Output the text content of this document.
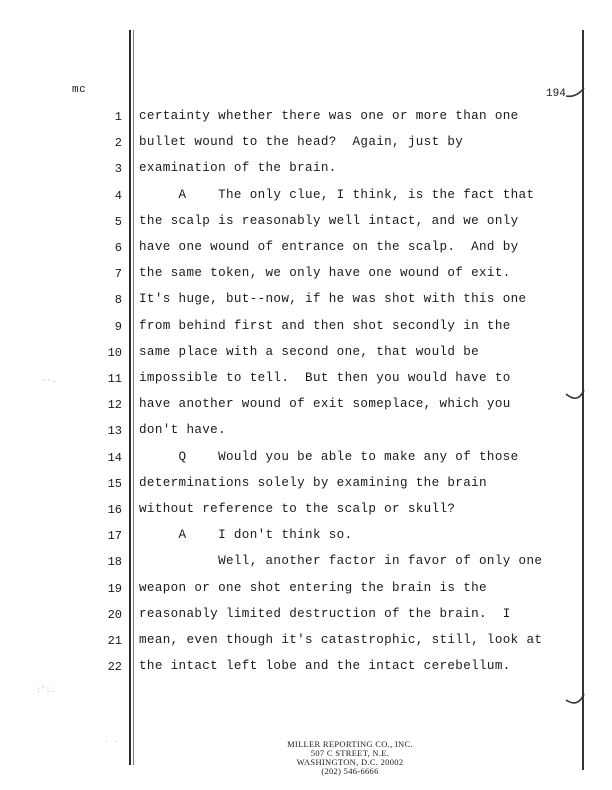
mc	194
--.
:':.
. .
1 certainty whether there was one or more than one
2 bullet wound to the head?  Again, just by
3 examination of the brain.
4 A    The only clue, I think, is the fact that
5 the scalp is reasonably well intact, and we only
6 have one wound of entrance on the scalp.  And by
7 the same token, we only have one wound of exit.
8 It's huge, but--now, if he was shot with this one
9 from behind first and then shot secondly in the
10 same place with a second one, that would be
11 impossible to tell.  But then you would have to
12 have another wound of exit someplace, which you
13 don't have.
14 Q    Would you be able to make any of those
15 determinations solely by examining the brain
16 without reference to the scalp or skull?
17 A    I don't think so.
18 Well, another factor in favor of only one
19 weapon or one shot entering the brain is the
20 reasonably limited destruction of the brain.  I
21 mean, even though it's catastrophic, still, look at
22 the intact left lobe and the intact cerebellum.
MILLER REPORTING CO., INC.
507 C STREET, N.E.
WASHINGTON, D.C. 20002
(202) 546-6666
